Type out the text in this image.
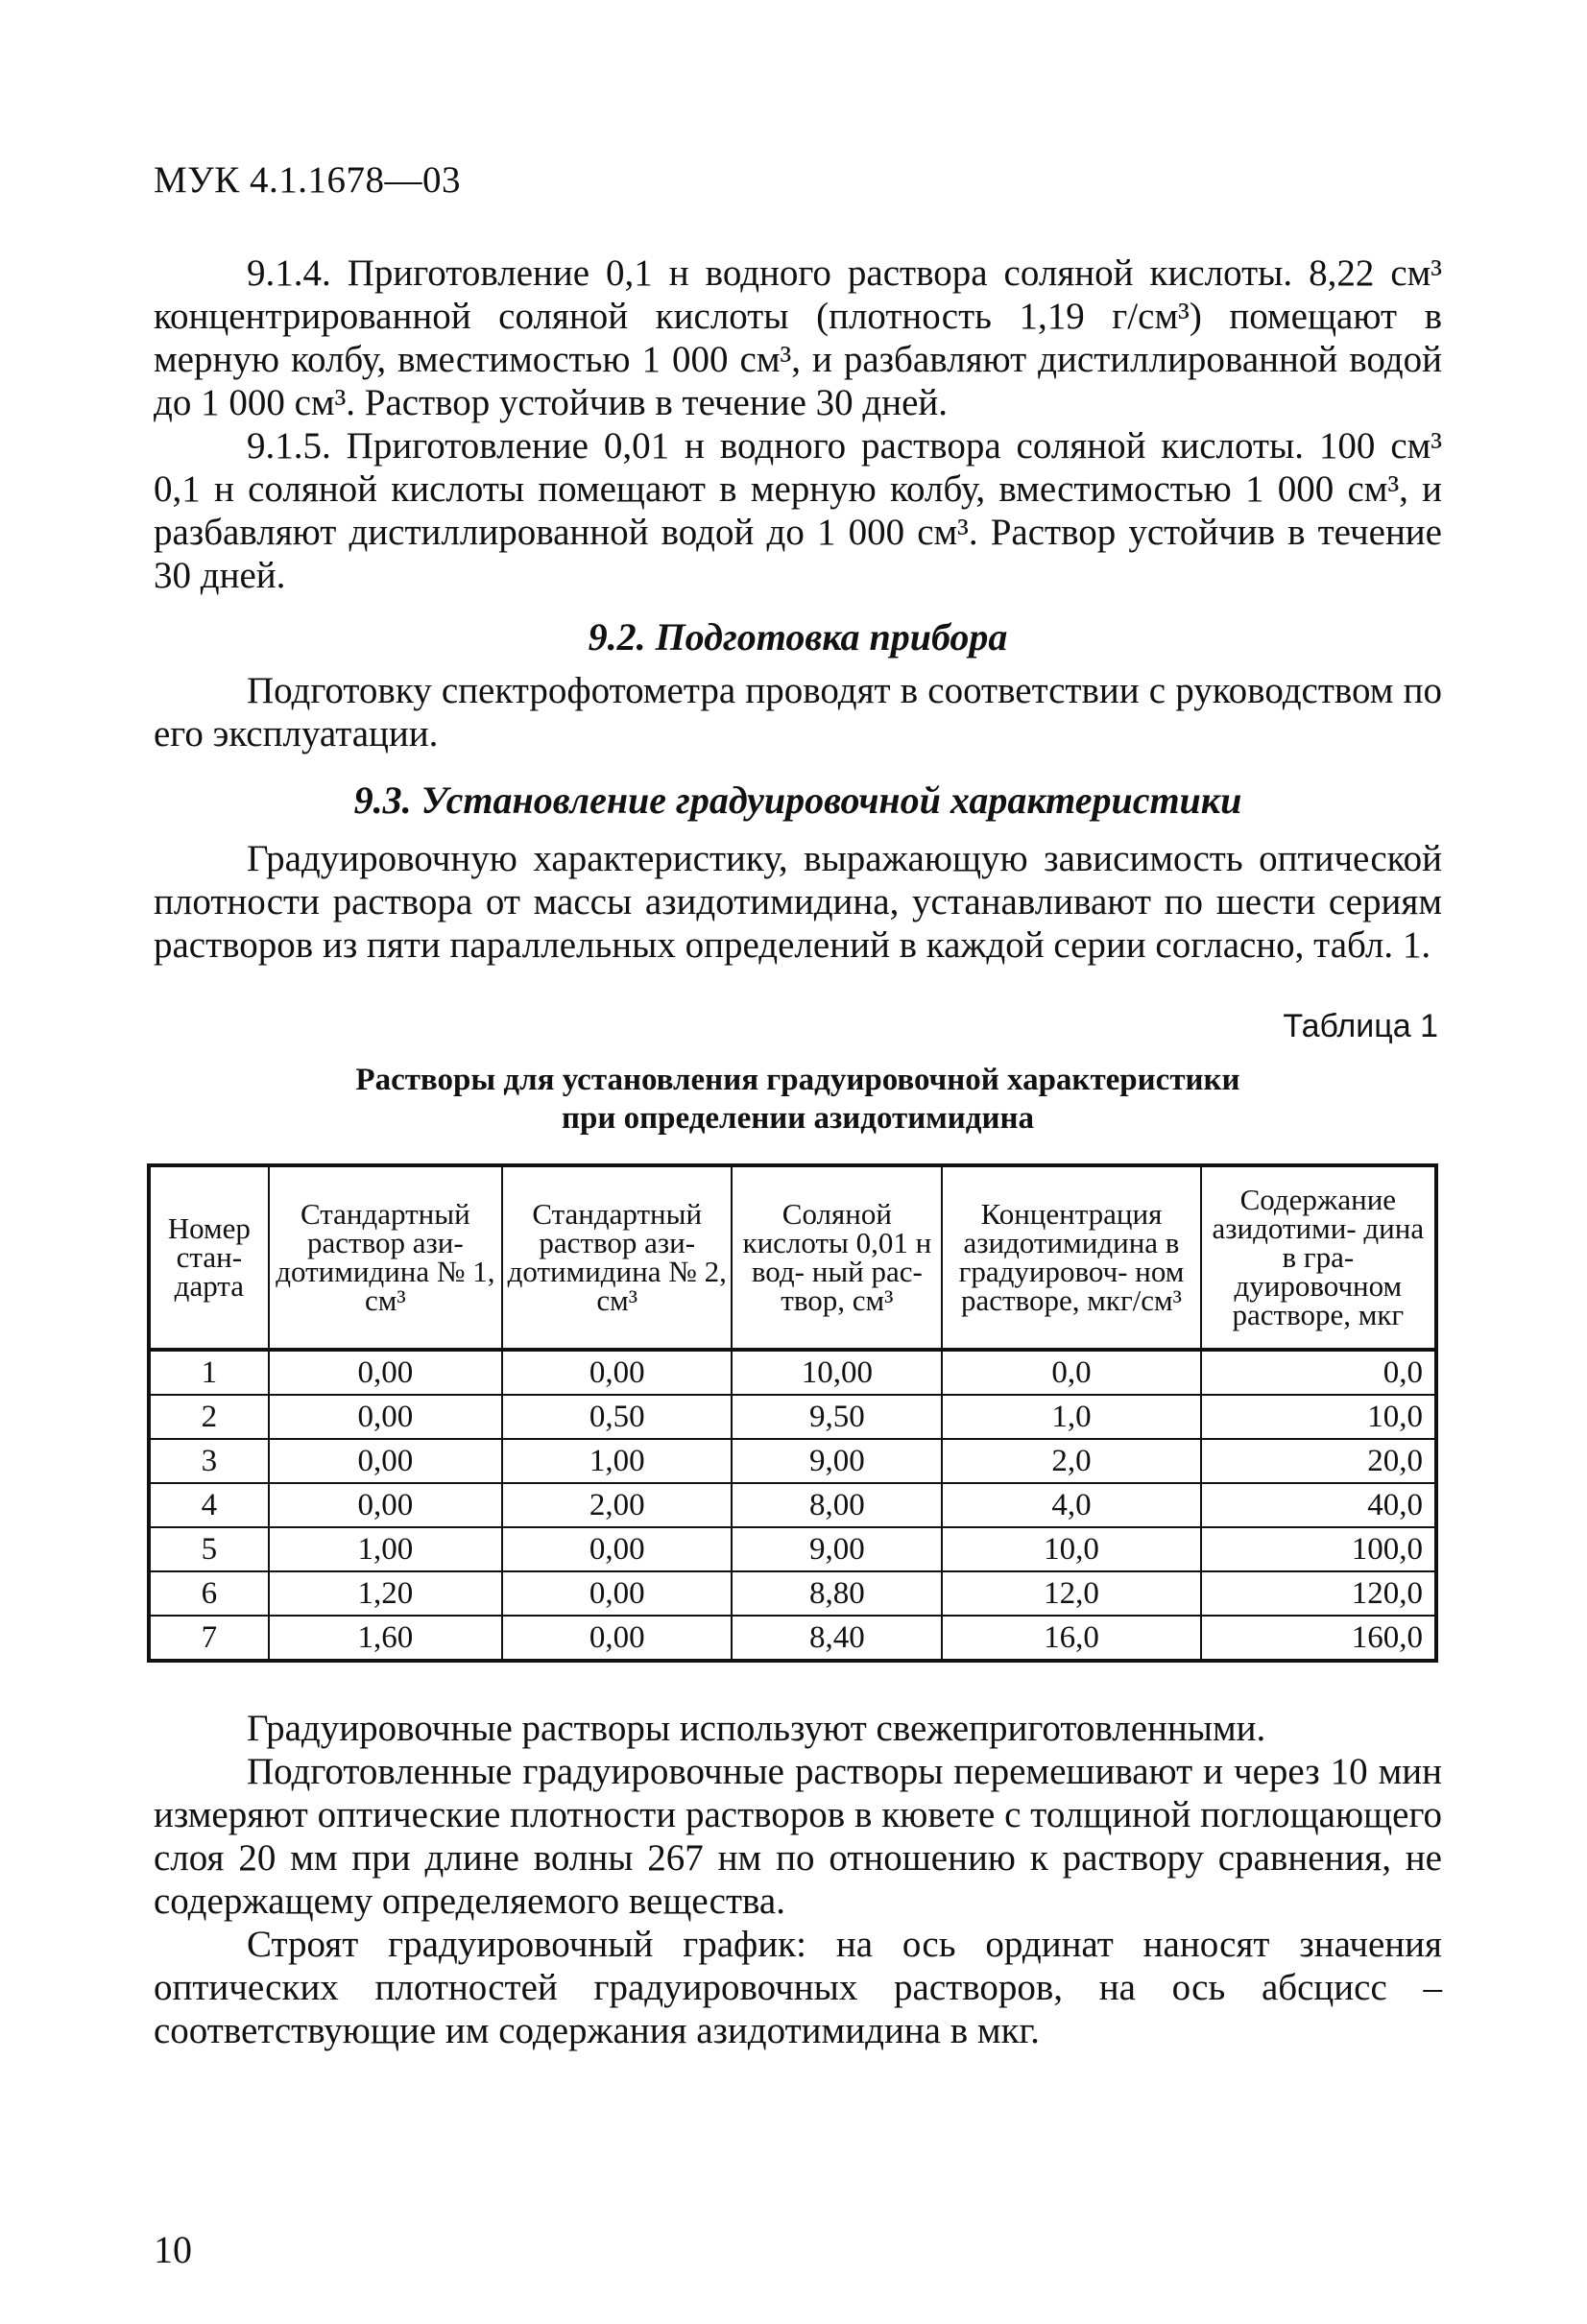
МУК 4.1.1678—03

9.1.4. Приготовление 0,1 н водного раствора соляной кислоты. 8,22 см³ концентрированной соляной кислоты (плотность 1,19 г/см³) помещают в мерную колбу, вместимостью 1 000 см³, и разбавляют дистиллированной водой до 1 000 см³. Раствор устойчив в течение 30 дней.

9.1.5. Приготовление 0,01 н водного раствора соляной кислоты. 100 см³ 0,1 н соляной кислоты помещают в мерную колбу, вместимостью 1 000 см³, и разбавляют дистиллированной водой до 1 000 см³. Раствор устойчив в течение 30 дней.

9.2. Подготовка прибора

Подготовку спектрофотометра проводят в соответствии с руководством по его эксплуатации.

9.3. Установление градуировочной характеристики

Градуировочную характеристику, выражающую зависимость оптической плотности раствора от массы азидотимидина, устанавливают по шести сериям растворов из пяти параллельных определений в каждой серии согласно, табл. 1.

Таблица 1
Растворы для установления градуировочной характеристики
при определении азидотимидина
Номер стан- дарта	Стандартный раствор ази- дотимидина № 1, см³	Стандартный раствор ази- дотимидина № 2, см³	Соляной кислоты 0,01 н вод- ный рас- твор, см³	Концентрация азидотимидина в градуировоч- ном растворе, мкг/см³	Содержание азидотими- дина в гра- дуировочном растворе, мкг
1	0,00	0,00	10,00	0,0	0,0
2	0,00	0,50	9,50	1,0	10,0
3	0,00	1,00	9,00	2,0	20,0
4	0,00	2,00	8,00	4,0	40,0
5	1,00	0,00	9,00	10,0	100,0
6	1,20	0,00	8,80	12,0	120,0
7	1,60	0,00	8,40	16,0	160,0

Градуировочные растворы используют свежеприготовленными.

Подготовленные градуировочные растворы перемешивают и через 10 мин измеряют оптические плотности растворов в кювете с толщиной поглощающего слоя 20 мм при длине волны 267 нм по отношению к раствору сравнения, не содержащему определяемого вещества.

Строят градуировочный график: на ось ординат наносят значения оптических плотностей градуировочных растворов, на ось абсцисс – соответствующие им содержания азидотимидина в мкг.

10
